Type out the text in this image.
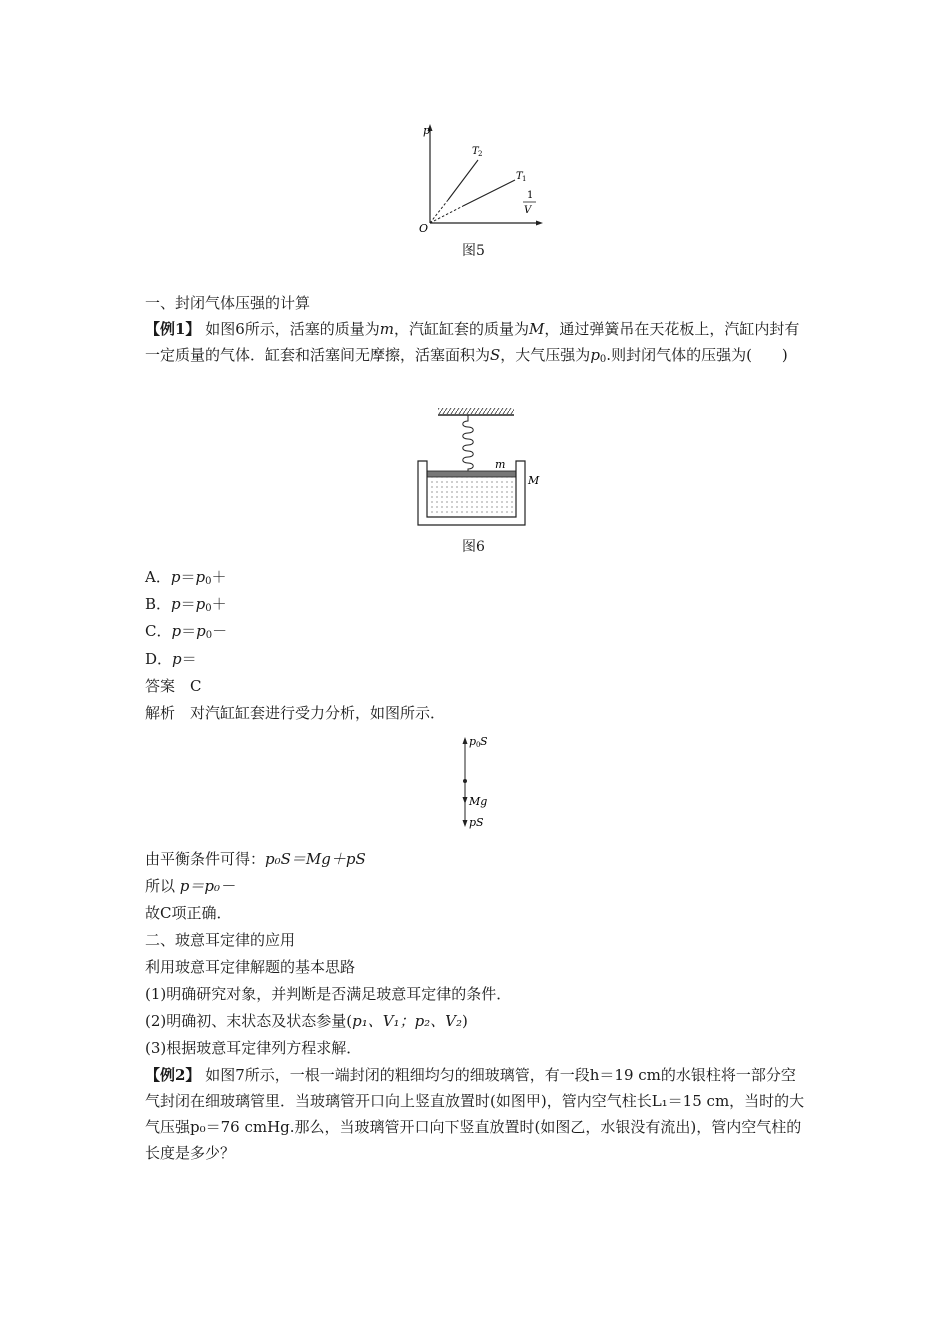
p
O
T 2
T 1
1
V
图5
一、封闭气体压强的计算
【例1】 如图6所示，活塞的质量为m，汽缸缸套的质量为M，通过弹簧吊在天花板上，汽缸内封有一定质量的气体．缸套和活塞间无摩擦，活塞面积为S，大气压强为$p_0$.则封闭气体的压强为(　　)
m
M
图6
A．$p=p_0+$
B．$p=p_0+$
C．$p=p_0-$
D．p＝
答案　 C
解析　 对汽缸缸套进行受力分析，如图所示．
p 0 S
Mg
pS
由平衡条件可得：p₀S＝Mg＋pS
所以 p＝p₀－
故C项正确．
二、玻意耳定律的应用
利用玻意耳定律解题的基本思路
(1)明确研究对象，并判断是否满足玻意耳定律的条件．
(2)明确初、末状态及状态参量(p₁、V₁；p₂、V₂)
(3)根据玻意耳定律列方程求解．
【例2】 如图7所示，一根一端封闭的粗细均匀的细玻璃管，有一段h＝19 cm的水银柱将一部分空气封闭在细玻璃管里．当玻璃管开口向上竖直放置时(如图甲)，管内空气柱长L₁＝15 cm，当时的大气压强p₀＝76 cmHg.那么，当玻璃管开口向下竖直放置时(如图乙，水银没有流出)，管内空气柱的长度是多少？
